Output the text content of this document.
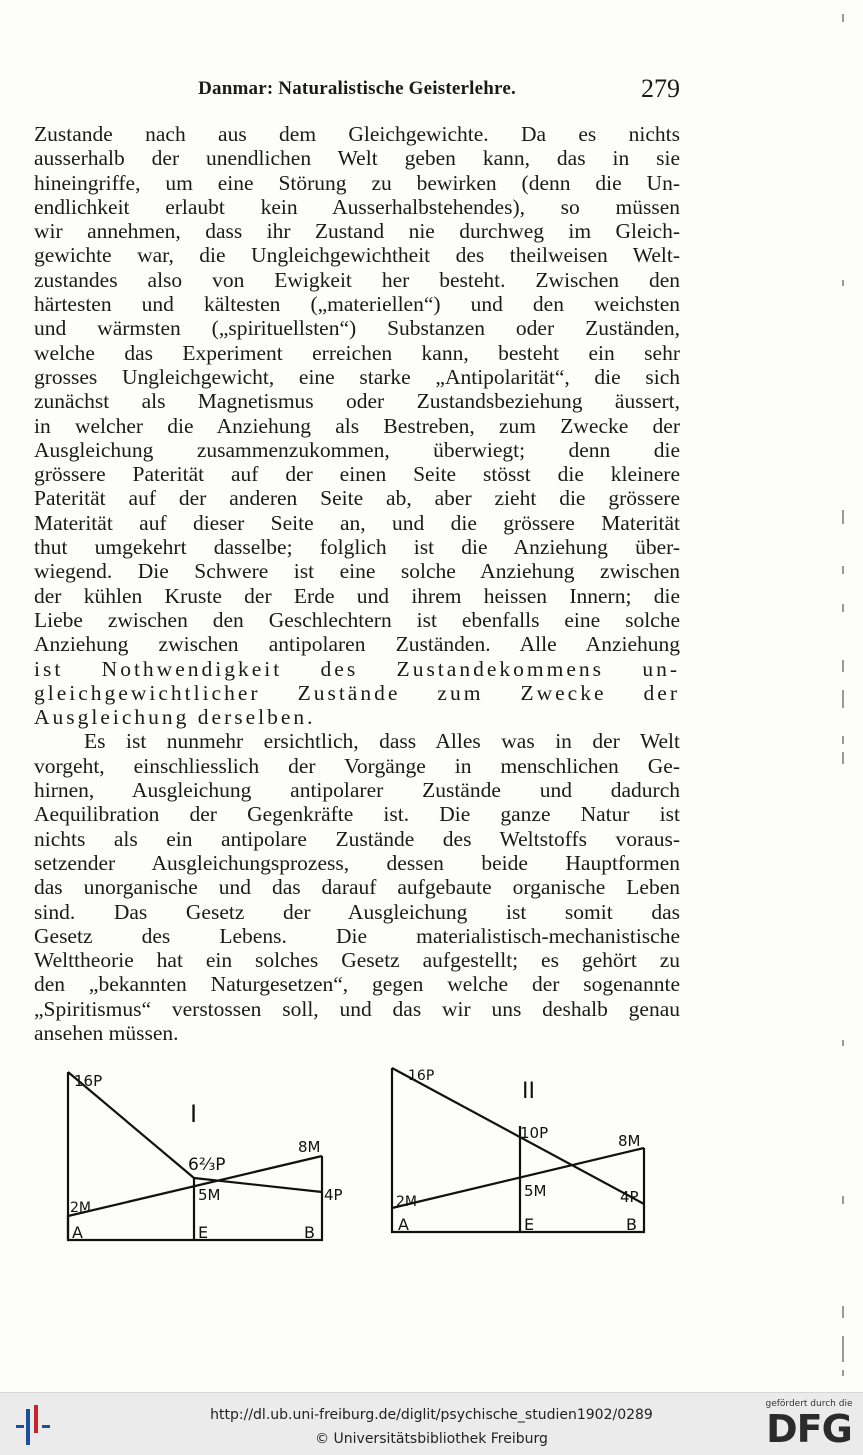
Danmar: Naturalistische Geisterlehre.	279
Zustande nach aus dem Gleichgewichte. Da es nichts
ausserhalb der unendlichen Welt geben kann, das in sie
hineingriffe, um eine Störung zu bewirken (denn die Un-
endlichkeit erlaubt kein Ausserhalbstehendes), so müssen
wir annehmen, dass ihr Zustand nie durchweg im Gleich-
gewichte war, die Ungleichgewichtheit des theilweisen Welt-
zustandes also von Ewigkeit her besteht. Zwischen den
härtesten und kältesten („materiellen“) und den weichsten
und wärmsten („spirituellsten“) Substanzen oder Zuständen,
welche das Experiment erreichen kann, besteht ein sehr
grosses Ungleichgewicht, eine starke „Antipolarität“, die sich
zunächst als Magnetismus oder Zustandsbeziehung äussert,
in welcher die Anziehung als Bestreben, zum Zwecke der
Ausgleichung zusammenzukommen, überwiegt; denn die
grössere Paterität auf der einen Seite stösst die kleinere
Paterität auf der anderen Seite ab, aber zieht die grössere
Materität auf dieser Seite an, und die grössere Materität
thut umgekehrt dasselbe; folglich ist die Anziehung über-
wiegend. Die Schwere ist eine solche Anziehung zwischen
der kühlen Kruste der Erde und ihrem heissen Innern; die
Liebe zwischen den Geschlechtern ist ebenfalls eine solche
Anziehung zwischen antipolaren Zuständen. Alle Anziehung
ist Nothwendigkeit des Zustandekommens un-
gleichgewichtlicher Zustände zum Zwecke der
Ausgleichung derselben.
Es ist nunmehr ersichtlich, dass Alles was in der Welt
vorgeht, einschliesslich der Vorgänge in menschlichen Ge-
hirnen, Ausgleichung antipolarer Zustände und dadurch
Aequilibration der Gegenkräfte ist. Die ganze Natur ist
nichts als ein antipolare Zustände des Weltstoffs voraus-
setzender Ausgleichungsprozess, dessen beide Hauptformen
das unorganische und das darauf aufgebaute organische Leben
sind. Das Gesetz der Ausgleichung ist somit das
Gesetz des Lebens. Die materialistisch-mechanistische
Welttheorie hat ein solches Gesetz aufgestellt; es gehört zu
den „bekannten Naturgesetzen“, gegen welche der sogenannte
„Spiritismus“ verstossen soll, und das wir uns deshalb genau
ansehen müssen.
I
16P
6⅔P
8M
5M	4P
2M
A	E	B
II
16P
10P	8M
5M	4P
2M
A	E	B
http://dl.ub.uni-freiburg.de/diglit/psychische_studien1902/0289
© Universitätsbibliothek Freiburg
gefördert durch die
DFG
